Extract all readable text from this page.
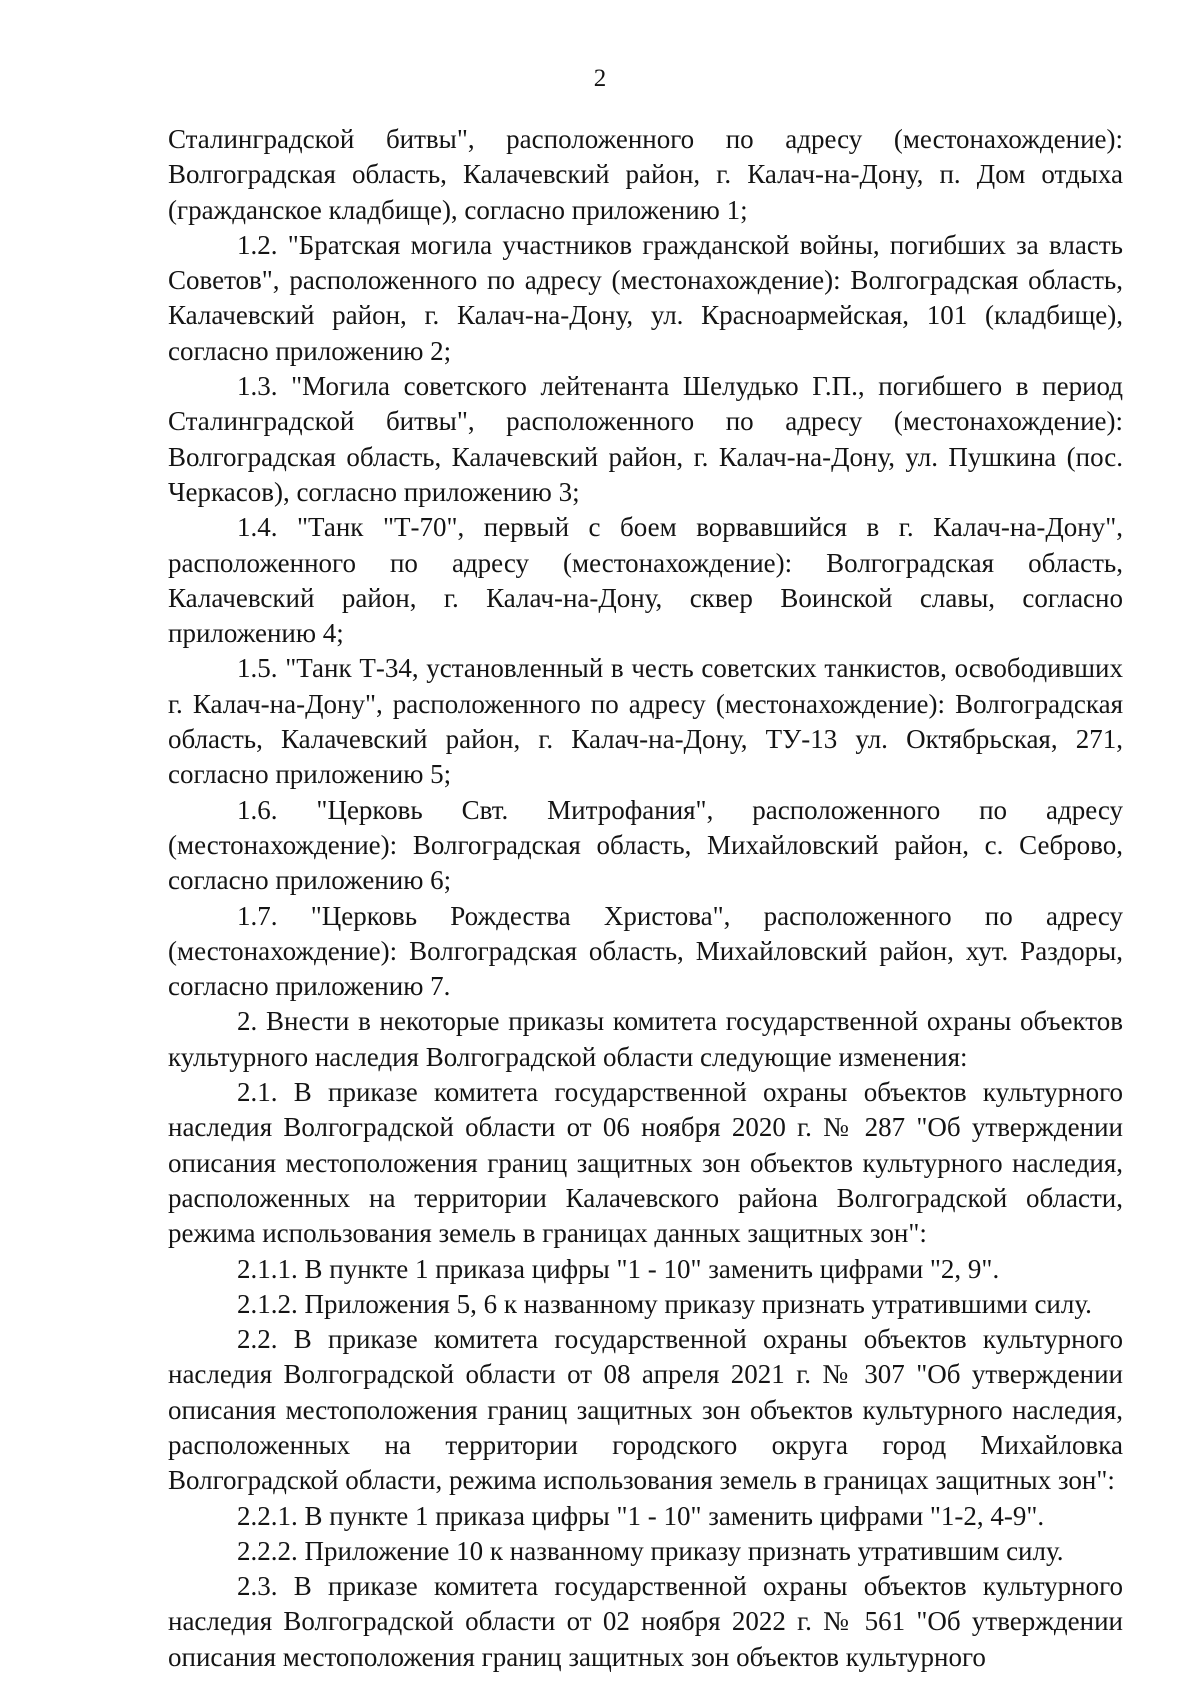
2

Сталинградской битвы", расположенного по адресу (местонахождение): Волгоградская область, Калачевский район, г. Калач-на-Дону, п. Дом отдыха (гражданское кладбище), согласно приложению 1;

1.2. "Братская могила участников гражданской войны, погибших за власть Советов", расположенного по адресу (местонахождение): Волгоградская область, Калачевский район, г. Калач-на-Дону, ул. Красноармейская, 101 (кладбище), согласно приложению 2;

1.3. "Могила советского лейтенанта Шелудько Г.П., погибшего в период Сталинградской битвы", расположенного по адресу (местонахождение): Волгоградская область, Калачевский район, г. Калач-на-Дону, ул. Пушкина (пос. Черкасов), согласно приложению 3;

1.4. "Танк "Т-70", первый с боем ворвавшийся в г. Калач-на-Дону", расположенного по адресу (местонахождение): Волгоградская область, Калачевский район, г. Калач-на-Дону, сквер Воинской славы, согласно приложению 4;

1.5. "Танк Т-34, установленный в честь советских танкистов, освободивших г. Калач-на-Дону", расположенного по адресу (местонахождение): Волгоградская область, Калачевский район, г. Калач-на-Дону, ТУ-13 ул. Октябрьская, 271, согласно приложению 5;

1.6. "Церковь Свт. Митрофания", расположенного по адресу (местонахождение): Волгоградская область, Михайловский район, с. Себрово, согласно приложению 6;

1.7. "Церковь Рождества Христова", расположенного по адресу (местонахождение): Волгоградская область, Михайловский район, хут. Раздоры, согласно приложению 7.

2. Внести в некоторые приказы комитета государственной охраны объектов культурного наследия Волгоградской области следующие изменения:

2.1. В приказе комитета государственной охраны объектов культурного наследия Волгоградской области от 06 ноября 2020 г. № 287 "Об утверждении описания местоположения границ защитных зон объектов культурного наследия, расположенных на территории Калачевского района Волгоградской области, режима использования земель в границах данных защитных зон":

2.1.1. В пункте 1 приказа цифры "1 - 10" заменить цифрами "2, 9".

2.1.2. Приложения 5, 6 к названному приказу признать утратившими силу.

2.2. В приказе комитета государственной охраны объектов культурного наследия Волгоградской области от 08 апреля 2021 г. № 307 "Об утверждении описания местоположения границ защитных зон объектов культурного наследия, расположенных на территории городского округа город Михайловка Волгоградской области, режима использования земель в границах защитных зон":

2.2.1. В пункте 1 приказа цифры "1 - 10" заменить цифрами "1-2, 4-9".

2.2.2. Приложение 10 к названному приказу признать утратившим силу.

2.3. В приказе комитета государственной охраны объектов культурного наследия Волгоградской области от 02 ноября 2022 г. № 561 "Об утверждении описания местоположения границ защитных зон объектов культурного
